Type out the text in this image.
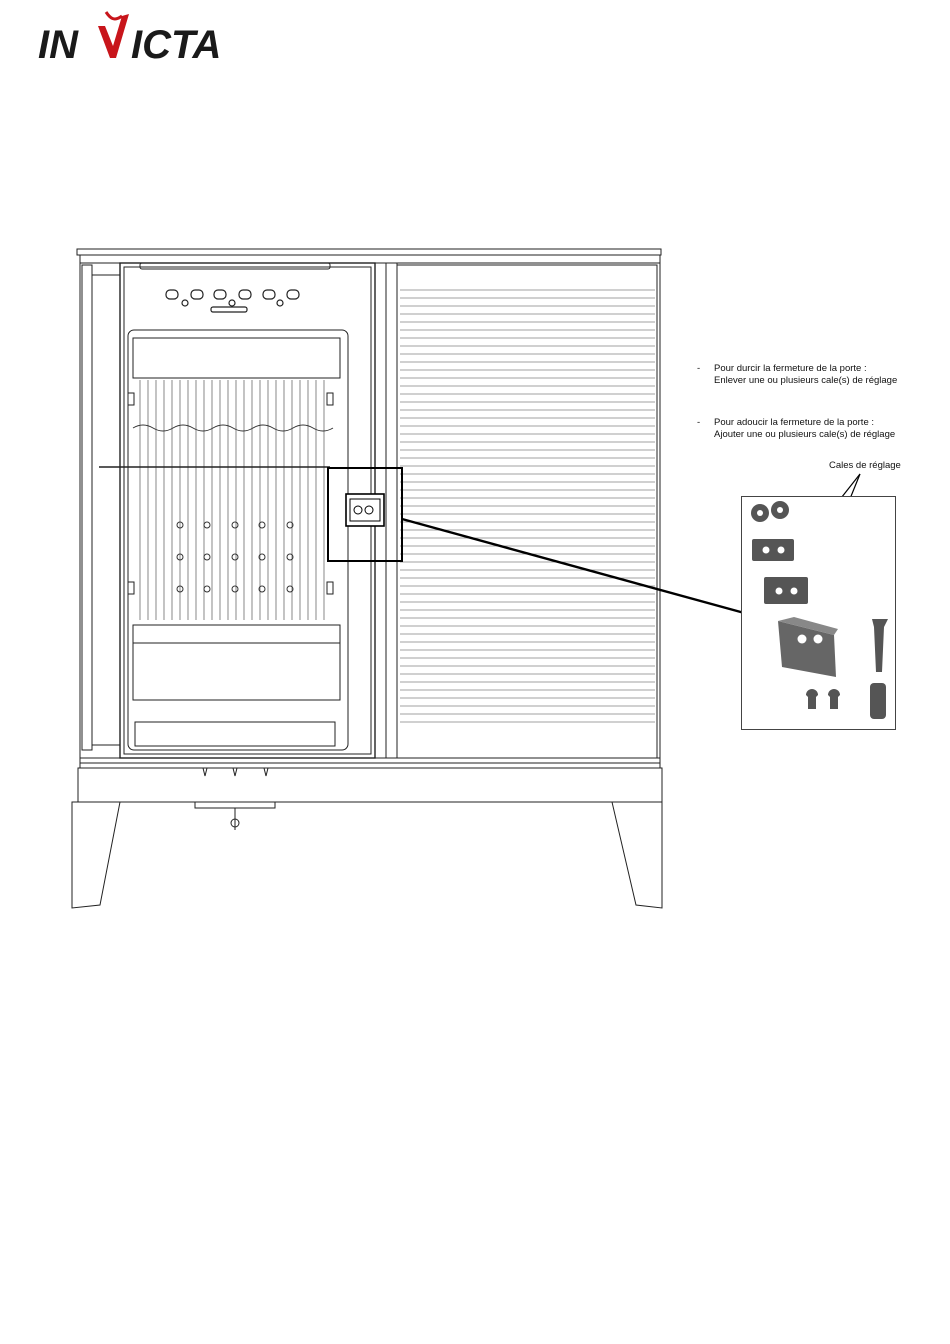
IN ICTA
-	Pour durcir la fermeture de la porte :
Enlever une ou plusieurs cale(s) de réglage
-	Pour adoucir la fermeture de la porte :
Ajouter une ou plusieurs cale(s) de réglage
Cales de réglage
